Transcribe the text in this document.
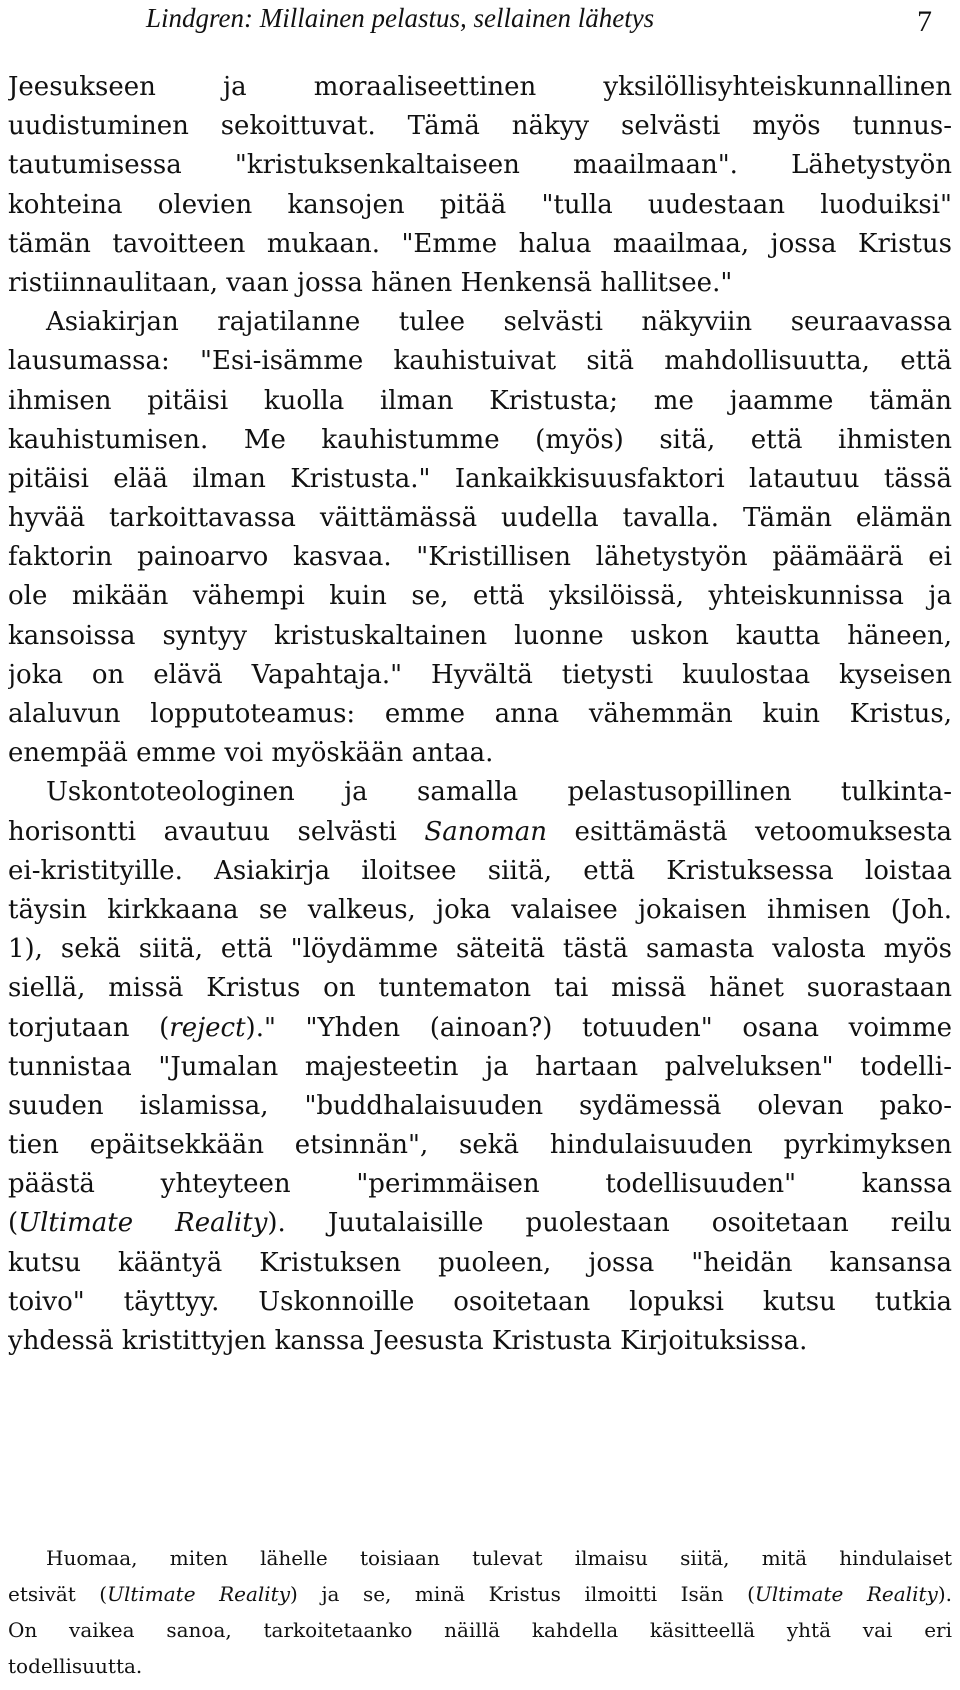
Lindgren: Millainen pelastus, sellainen lähetys	7
Jeesukseen ja moraaliseettinen yksilöllisyhteiskunnallinen
uudistuminen sekoittuvat. Tämä näkyy selvästi myös tunnus-
tautumisessa "kristuksenkaltaiseen maailmaan". Lähetystyön
kohteina olevien kansojen pitää "tulla uudestaan luoduiksi"
tämän tavoitteen mukaan. "Emme halua maailmaa, jossa Kristus
ristiinnaulitaan, vaan jossa hänen Henkensä hallitsee."
Asiakirjan rajatilanne tulee selvästi näkyviin seuraavassa
lausumassa: "Esi-isämme kauhistuivat sitä mahdollisuutta, että
ihmisen pitäisi kuolla ilman Kristusta; me jaamme tämän
kauhistumisen. Me kauhistumme (myös) sitä, että ihmisten
pitäisi elää ilman Kristusta." Iankaikkisuusfaktori latautuu tässä
hyvää tarkoittavassa väittämässä uudella tavalla. Tämän elämän
faktorin painoarvo kasvaa. "Kristillisen lähetystyön päämäärä ei
ole mikään vähempi kuin se, että yksilöissä, yhteiskunnissa ja
kansoissa syntyy kristuskaltainen luonne uskon kautta häneen,
joka on elävä Vapahtaja." Hyvältä tietysti kuulostaa kyseisen
alaluvun lopputoteamus: emme anna vähemmän kuin Kristus,
enempää emme voi myöskään antaa.
Uskontoteologinen ja samalla pelastusopillinen tulkinta-
horisontti avautuu selvästi Sanoman esittämästä vetoomuksesta
ei-kristityille. Asiakirja iloitsee siitä, että Kristuksessa loistaa
täysin kirkkaana se valkeus, joka valaisee jokaisen ihmisen (Joh.
1), sekä siitä, että "löydämme säteitä tästä samasta valosta myös
siellä, missä Kristus on tuntematon tai missä hänet suorastaan
torjutaan (reject)." "Yhden (ainoan?) totuuden" osana voimme
tunnistaa "Jumalan majesteetin ja hartaan palveluksen" todelli-
suuden islamissa, "buddhalaisuuden sydämessä olevan pako-
tien epäitsekkään etsinnän", sekä hindulaisuuden pyrkimyksen
päästä yhteyteen "perimmäisen todellisuuden" kanssa
(Ultimate Reality). Juutalaisille puolestaan osoitetaan reilu
kutsu kääntyä Kristuksen puoleen, jossa "heidän kansansa
toivo" täyttyy. Uskonnoille osoitetaan lopuksi kutsu tutkia
yhdessä kristittyjen kanssa Jeesusta Kristusta Kirjoituksissa.
Huomaa, miten lähelle toisiaan tulevat ilmaisu siitä, mitä hindulaiset
etsivät (Ultimate Reality) ja se, minä Kristus ilmoitti Isän (Ultimate Reality).
On vaikea sanoa, tarkoitetaanko näillä kahdella käsitteellä yhtä vai eri
todellisuutta.
